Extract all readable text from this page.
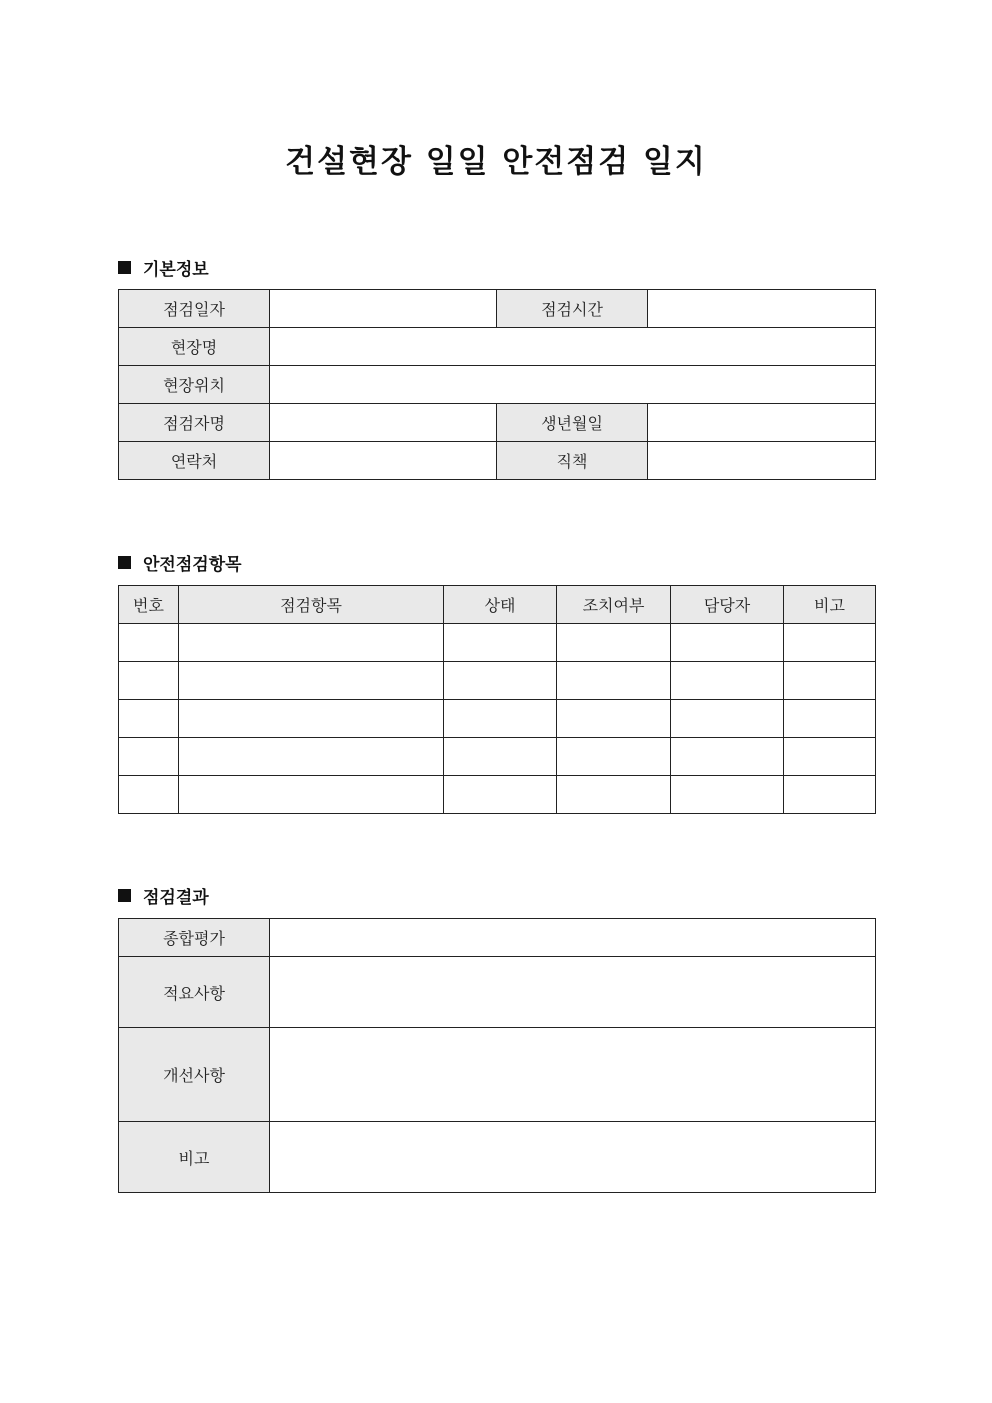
건설현장 일일 안전점검 일지
기본정보
점검일자		점검시간	
현장명			
현장위치			
점검자명		생년월일	
연락처		직책	
안전점검항목
번호	점검항목	상태	조치여부	담당자	비고

점검결과
종합평가	
적요사항	
개선사항	
비고	
